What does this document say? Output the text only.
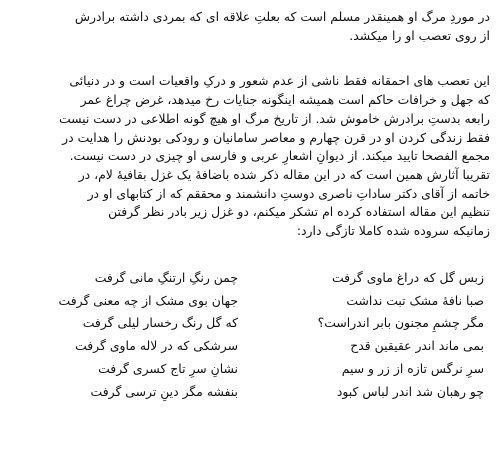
در موردِ مرگ او همینقدر مسلم است که بعلتِ علاقه ای که بمردی داشته برادرش
از روی تعصب او را میکشد.

این تعصب های احمقانه فقط ناشی از عدم شعور و درکِ واقعیات است و در دنیائی
که جهل و خرافات حاکم است همیشه اینگونه جنایات رخ میدهد، غرض چراغ عمر
رابعه بدستِ برادرش خاموش شد. از تاریخ مرگ او هیچ گونه اطلاعی در دست نیست
فقط زندگی کردن او در قرن چهارم و معاصر سامانیان و رودکی بودنش را هدایت در
مجمع الفصحا تایید میکند. از دیوانِ اشعارِ عربی و فارسی او چیزی در دست نیست.
تقریبا آثارش همین است که در این مقاله ذکر شده باضافهٔ یک غزل بقافیهٔ لام، در
خاتمه از آقای دکتر ساداتِ ناصری دوستِ دانشمند و محققم که از کتابهای او در
تنظیم این مقاله استفاده کرده ام تشکر میکنم، دو غزل زیر بادر نظر گرفتن
زمانیکه سروده شده کاملا تازگی دارد:

زبس گل که دراغ ماوی گرفت
چمن رنگِ ارتنگِ مانی گرفت
صبا نافهٔ مشک تبت نداشت
جهان بوی مشک از چه معنی گرفت
مگر چشمِ مجنون بابر اندراست؟
که گل رنگ رخسار لیلی گرفت
بمی ماند اندر عقیقین قدح
سرشکی که در لاله ماوی گرفت
سرِ نرگس تازه از زر و سیم
نشانِ سرِ تاج کسری گرفت
چو رهبان شد اندر لباس کبود
بنفشه مگر دینِ ترسی گرفت
